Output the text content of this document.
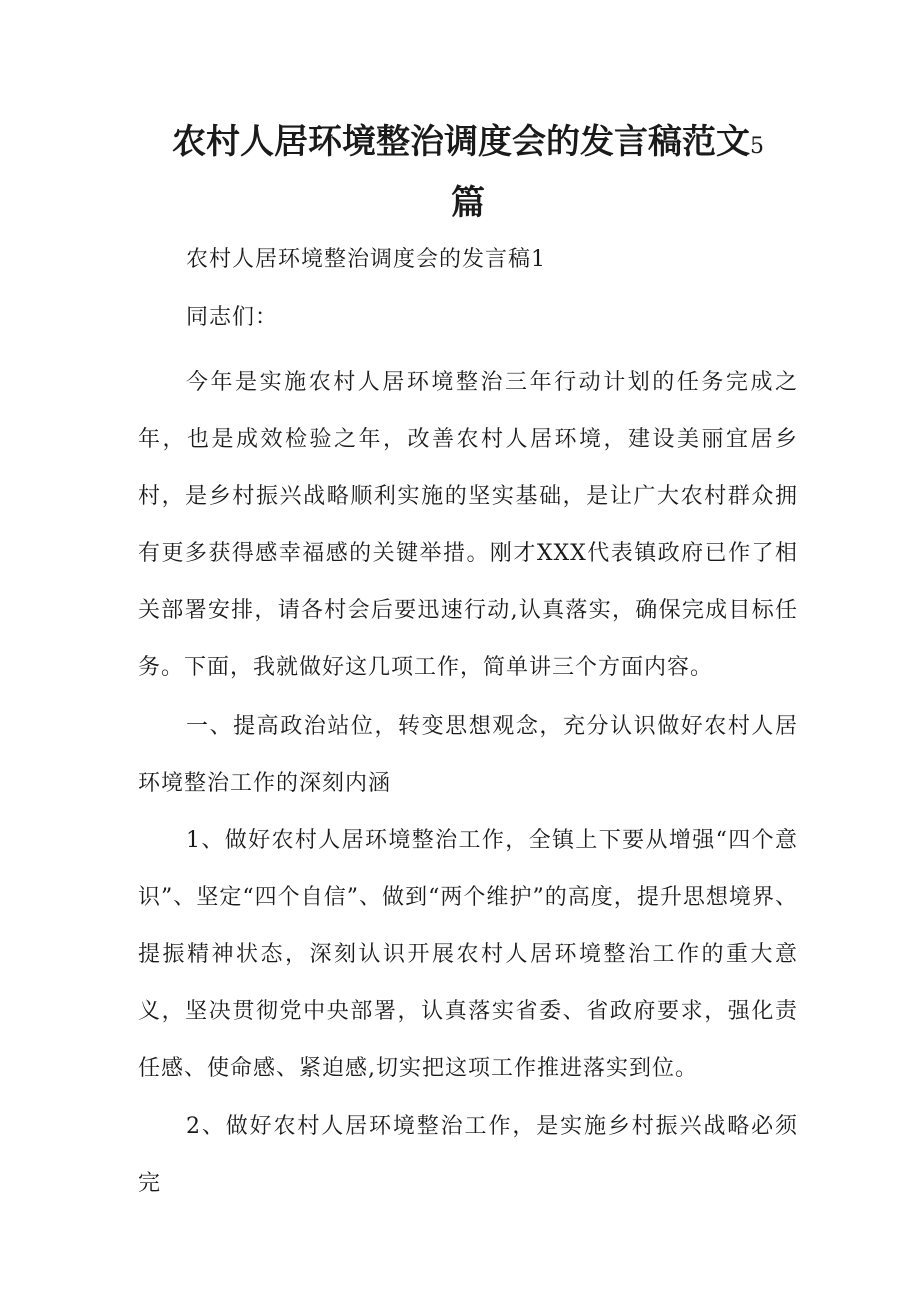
农村人居环境整治调度会的发言稿范文5
篇

农村人居环境整治调度会的发言稿1

同志们：

今年是实施农村人居环境整治三年行动计划的任务完成之年，也是成效检验之年，改善农村人居环境，建设美丽宜居乡村，是乡村振兴战略顺利实施的坚实基础，是让广大农村群众拥有更多获得感幸福感的关键举措。刚才XXX代表镇政府已作了相关部署安排，请各村会后要迅速行动,认真落实，确保完成目标任务。下面，我就做好这几项工作，简单讲三个方面内容。

一、提高政治站位，转变思想观念，充分认识做好农村人居环境整治工作的深刻内涵

1、做好农村人居环境整治工作，全镇上下要从增强“四个意识”、坚定“四个自信”、做到“两个维护”的高度，提升思想境界、提振精神状态，深刻认识开展农村人居环境整治工作的重大意义，坚决贯彻党中央部署，认真落实省委、省政府要求，强化责任感、使命感、紧迫感,切实把这项工作推进落实到位。

2、做好农村人居环境整治工作，是实施乡村振兴战略必须完
